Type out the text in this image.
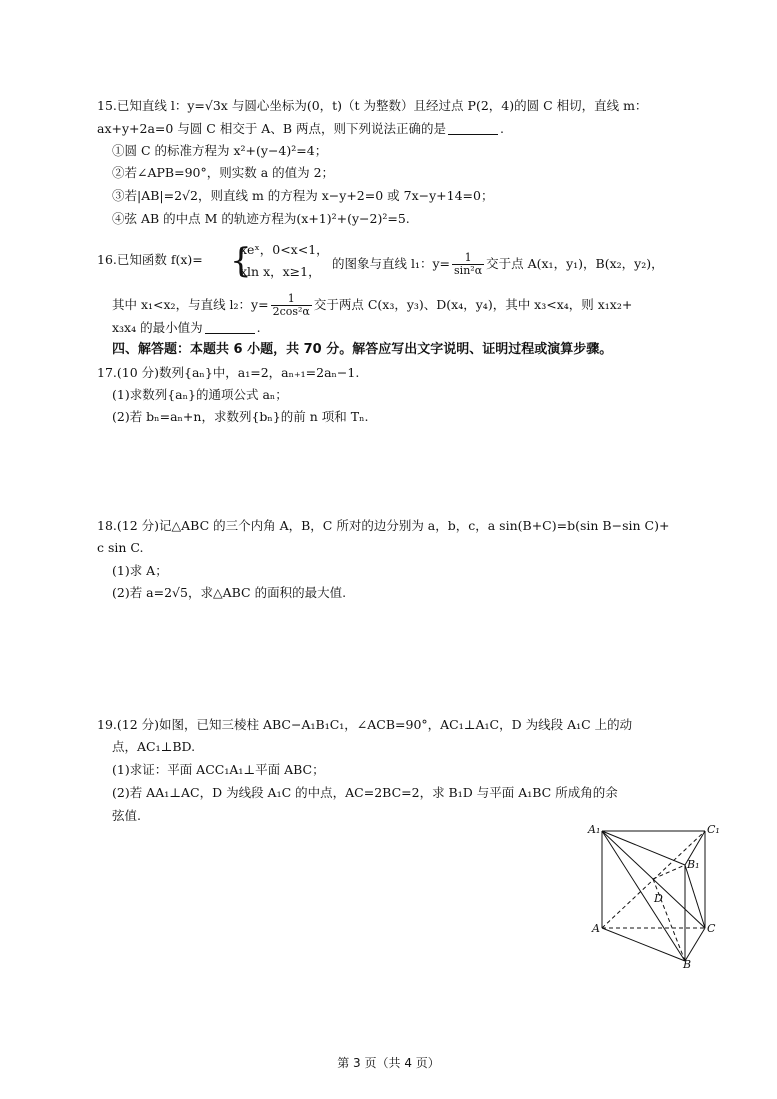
15.已知直线 l：y=√3x 与圆心坐标为(0，t)（t 为整数）且经过点 P(2，4)的圆 C 相切，直线 m：
ax+y+2a=0 与圆 C 相交于 A、B 两点，则下列说法正确的是	.
①圆 C 的标准方程为 x²+(y−4)²=4；
②若∠APB=90°，则实数 a 的值为 2；
③若|AB|=2√2，则直线 m 的方程为 x−y+2=0 或 7x−y+14=0；
④弦 AB 的中点 M 的轨迹方程为(x+1)²+(y−2)²=5.
16.已知函数 f(x)= {
xeˣ，0<x<1，
xln x，x≥1，
的图象与直线 l₁：$y= \frac{1}{\text{sin²α}}$ 交于点 A(x₁，y₁)，B(x₂，y₂)，
其中 x₁<x₂，与直线 l₂：$y= \frac{1}{\text{2cos²α}}$ 交于两点 C(x₃，y₃)、D(x₄，y₄)，其中 x₃<x₄，则 x₁x₂+
x₃x₄ 的最小值为	.
四、解答题：本题共 6 小题，共 70 分。解答应写出文字说明、证明过程或演算步骤。
17.(10 分)数列{aₙ}中，a₁=2，aₙ₊₁=2aₙ−1.
(1)求数列{aₙ}的通项公式 aₙ；
(2)若 bₙ=aₙ+n，求数列{bₙ}的前 n 项和 Tₙ.
18.(12 分)记△ABC 的三个内角 A，B，C 所对的边分别为 a，b，c，a sin(B+C)=b(sin B−sin C)+
c sin C.
(1)求 A；
(2)若 a=2√5，求△ABC 的面积的最大值.
19.(12 分)如图，已知三棱柱 ABC−A₁B₁C₁，∠ACB=90°，AC₁⊥A₁C，D 为线段 A₁C 上的动
点，AC₁⊥BD.
(1)求证：平面 ACC₁A₁⊥平面 ABC；
(2)若 AA₁⊥AC，D 为线段 A₁C 的中点，AC=2BC=2，求 B₁D 与平面 A₁BC 所成角的余
弦值.
A₁	C₁
B₁
D
A	C
B
第 3 页（共 4 页）
